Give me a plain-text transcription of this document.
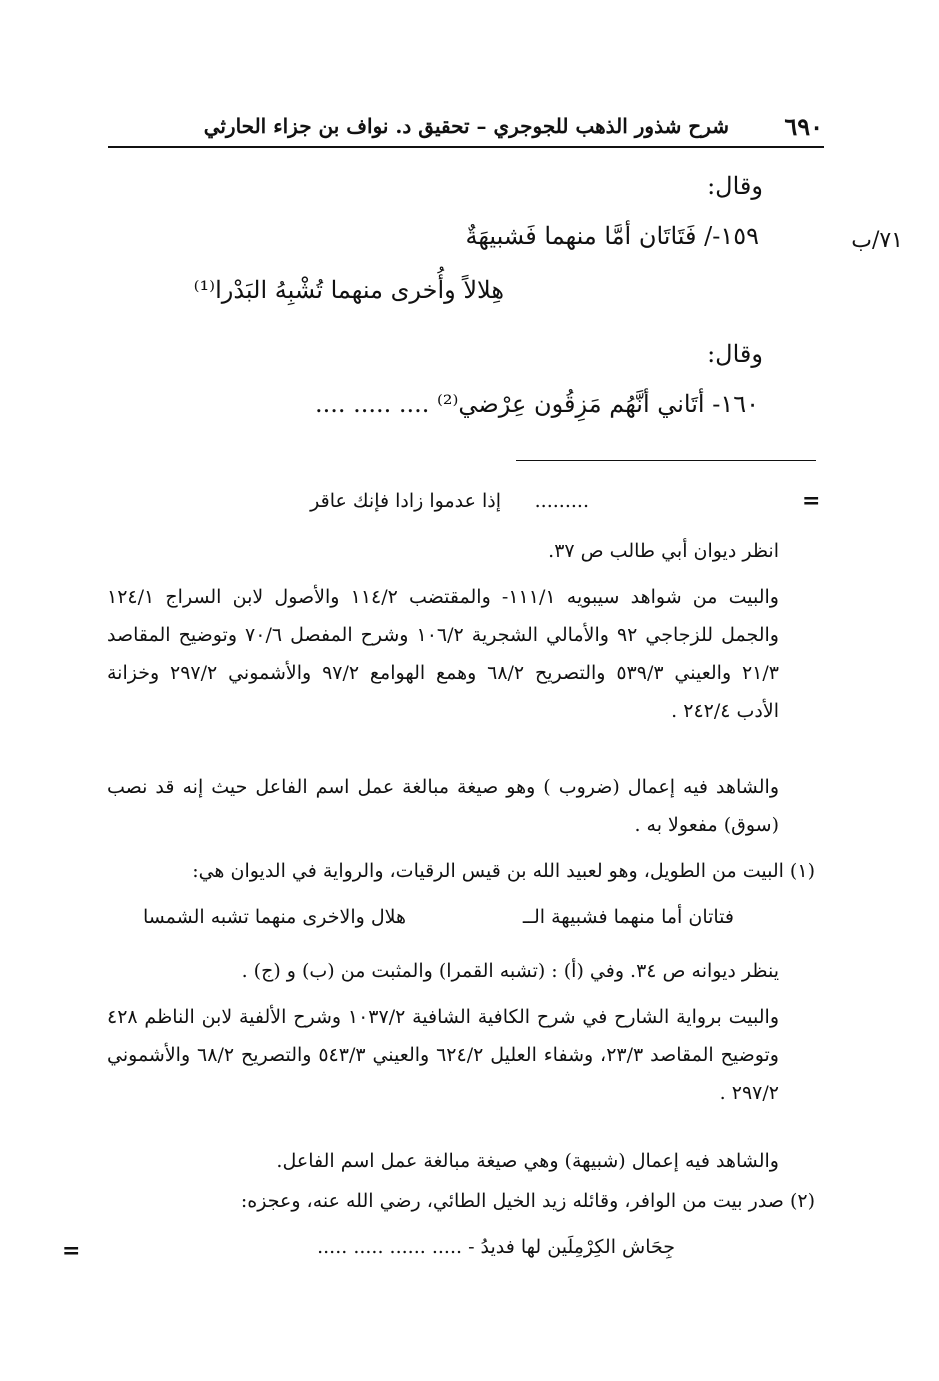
٦٩٠
شرح شذور الذهب للجوجري – تحقيق د. نواف بن جزاء الحارثي
٧١/ب
وقال:
١٥٩-/ فَتَاتَان أمَّا منهما فَشبيهَةٌ
هِلالاً وأُخرى منهما تُشْبِهُ البَدْرا⁽¹⁾
وقال:
١٦٠- أتَاني أنَّهُم مَزِقُون عِرْضي⁽²⁾ .... ..... ....
=
إذا عدموا زادا فإنك عاقر .........
انظر ديوان أبي طالب ص ٣٧.
والبيت من شواهد سيبويه ١١١/١- والمقتضب ١١٤/٢ والأصول لابن السراج ١٢٤/١ والجمل للزجاجي ٩٢ والأمالي الشجرية ١٠٦/٢ وشرح المفصل ٧٠/٦ وتوضيح المقاصد ٢١/٣ والعيني ٥٣٩/٣ والتصريح ٦٨/٢ وهمع الهوامع ٩٧/٢ والأشموني ٢٩٧/٢ وخزانة الأدب ٢٤٢/٤ .
والشاهد فيه إعمال (ضروب ) وهو صيغة مبالغة عمل اسم الفاعل حيث إنه قد نصب (سوق) مفعولا به .
(١) البيت من الطويل، وهو لعبيد الله بن قيس الرقيات، والرواية في الديوان هي:
فتاتان أما منهما فشبيهة الــ
هلال والاخرى منهما تشبه الشمسا
ينظر ديوانه ص ٣٤. وفي (أ) : (تشبه القمرا) والمثبت من (ب) و (ج) .
والبيت برواية الشارح في شرح الكافية الشافية ١٠٣٧/٢ وشرح الألفية لابن الناظم ٤٢٨ وتوضيح المقاصد ٢٣/٣، وشفاء العليل ٦٢٤/٢ والعيني ٥٤٣/٣ والتصريح ٦٨/٢ والأشموني ٢٩٧/٢ .
والشاهد فيه إعمال (شبيهة) وهي صيغة مبالغة عمل اسم الفاعل.
(٢) صدر بيت من الوافر، وقائله زيد الخيل الطائي، رضي الله عنه، وعجزه:
جِحَاش الكِرْمِلَين لها فديدُ - ..... ...... ..... .....
=
